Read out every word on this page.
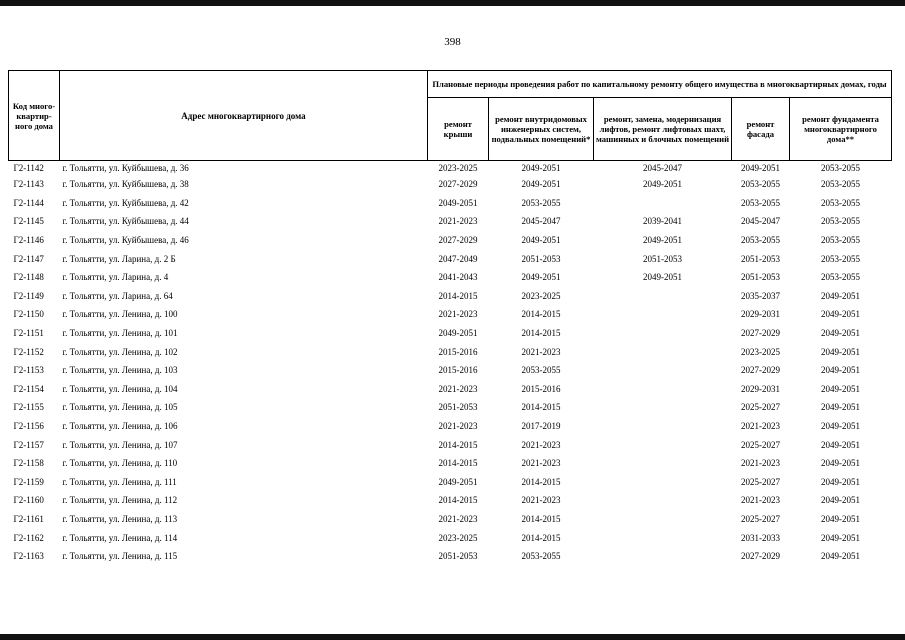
398
Код много-квартир-ного дома	Адрес многоквартирного дома	Плановые периоды проведения работ по капитальному ремонту общего имущества в многоквартирных домах, годы				
		ремонт крыши	ремонт внутридомовых инженерных систем, подвальных помещений*	ремонт, замена, модернизация лифтов, ремонт лифтовых шахт, машинных и блочных помещений	ремонт фасада	ремонт фундамента многоквартирного дома**
Г2-1142	г. Тольятти, ул. Куйбышева, д. 36	2023-2025	2049-2051	2045-2047	2049-2051	2053-2055
Г2-1143	г. Тольятти, ул. Куйбышева, д. 38	2027-2029	2049-2051	2049-2051	2053-2055	2053-2055
Г2-1144	г. Тольятти, ул. Куйбышева, д. 42	2049-2051	2053-2055		2053-2055	2053-2055
Г2-1145	г. Тольятти, ул. Куйбышева, д. 44	2021-2023	2045-2047	2039-2041	2045-2047	2053-2055
Г2-1146	г. Тольятти, ул. Куйбышева, д. 46	2027-2029	2049-2051	2049-2051	2053-2055	2053-2055
Г2-1147	г. Тольятти, ул. Ларина, д. 2 Б	2047-2049	2051-2053	2051-2053	2051-2053	2053-2055
Г2-1148	г. Тольятти, ул. Ларина, д. 4	2041-2043	2049-2051	2049-2051	2051-2053	2053-2055
Г2-1149	г. Тольятти, ул. Ларина, д. 64	2014-2015	2023-2025		2035-2037	2049-2051
Г2-1150	г. Тольятти, ул. Ленина, д. 100	2021-2023	2014-2015		2029-2031	2049-2051
Г2-1151	г. Тольятти, ул. Ленина, д. 101	2049-2051	2014-2015		2027-2029	2049-2051
Г2-1152	г. Тольятти, ул. Ленина, д. 102	2015-2016	2021-2023		2023-2025	2049-2051
Г2-1153	г. Тольятти, ул. Ленина, д. 103	2015-2016	2053-2055		2027-2029	2049-2051
Г2-1154	г. Тольятти, ул. Ленина, д. 104	2021-2023	2015-2016		2029-2031	2049-2051
Г2-1155	г. Тольятти, ул. Ленина, д. 105	2051-2053	2014-2015		2025-2027	2049-2051
Г2-1156	г. Тольятти, ул. Ленина, д. 106	2021-2023	2017-2019		2021-2023	2049-2051
Г2-1157	г. Тольятти, ул. Ленина, д. 107	2014-2015	2021-2023		2025-2027	2049-2051
Г2-1158	г. Тольятти, ул. Ленина, д. 110	2014-2015	2021-2023		2021-2023	2049-2051
Г2-1159	г. Тольятти, ул. Ленина, д. 111	2049-2051	2014-2015		2025-2027	2049-2051
Г2-1160	г. Тольятти, ул. Ленина, д. 112	2014-2015	2021-2023		2021-2023	2049-2051
Г2-1161	г. Тольятти, ул. Ленина, д. 113	2021-2023	2014-2015		2025-2027	2049-2051
Г2-1162	г. Тольятти, ул. Ленина, д. 114	2023-2025	2014-2015		2031-2033	2049-2051
Г2-1163	г. Тольятти, ул. Ленина, д. 115	2051-2053	2053-2055		2027-2029	2049-2051
